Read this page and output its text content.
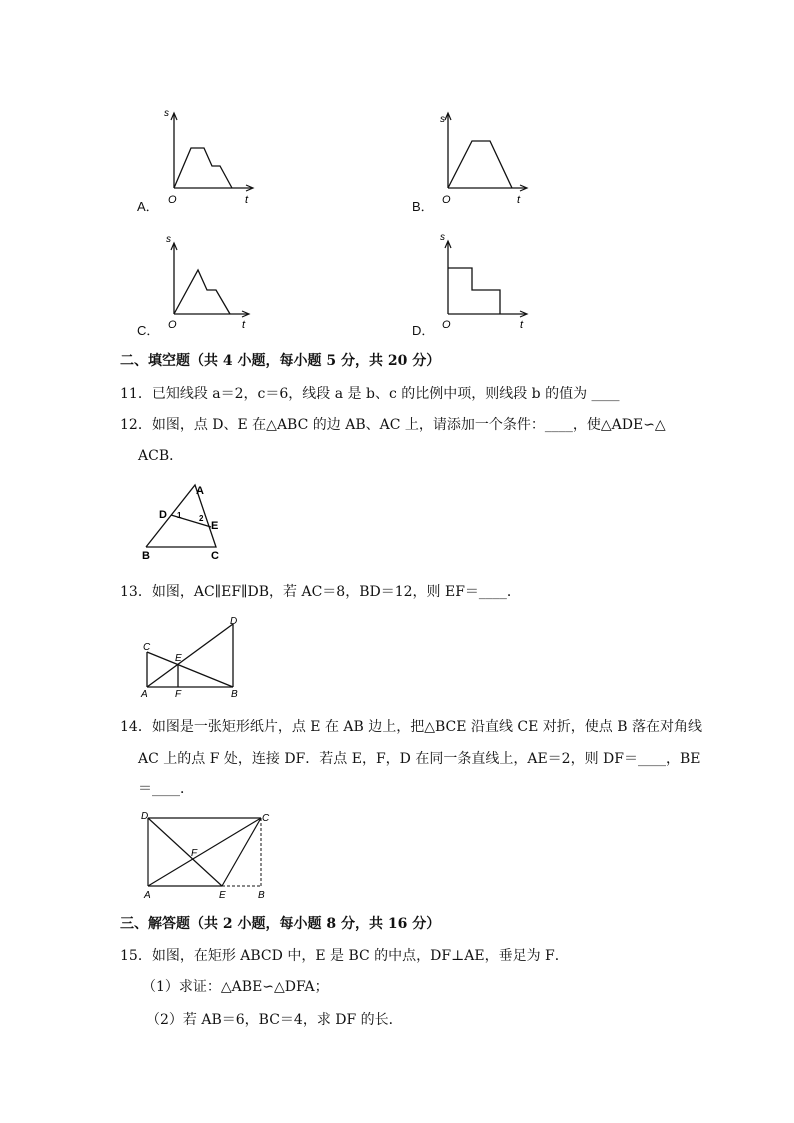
A．
s
O	t	B．
s
O	t
C．
s
O	t	D．
s
O	t
二、填空题（共 4 小题，每小题 5 分，共 20 分）
11．已知线段 a＝2，c＝6，线段 a 是 b、c 的比例中项，则线段 b 的值为 ____
12．如图，点 D、E 在△ABC 的边 AB、AC 上，请添加一个条件：____，使△ADE∽△
ACB．
A
D
E
B	C
1 2
13．如图，AC∥EF∥DB，若 AC＝8，BD＝12，则 EF＝____．
C
D
E
A	F	B
14．如图是一张矩形纸片，点 E 在 AB 边上，把△BCE 沿直线 CE 对折，使点 B 落在对角线
AC 上的点 F 处，连接 DF．若点 E，F，D 在同一条直线上，AE＝2，则 DF＝____，BE
＝____．
D	C
F
A	E	B
三、解答题（共 2 小题，每小题 8 分，共 16 分）
15．如图，在矩形 ABCD 中，E 是 BC 的中点，DF⊥AE，垂足为 F．
（1）求证：△ABE∽△DFA；
（2）若 AB＝6，BC＝4，求 DF 的长．
